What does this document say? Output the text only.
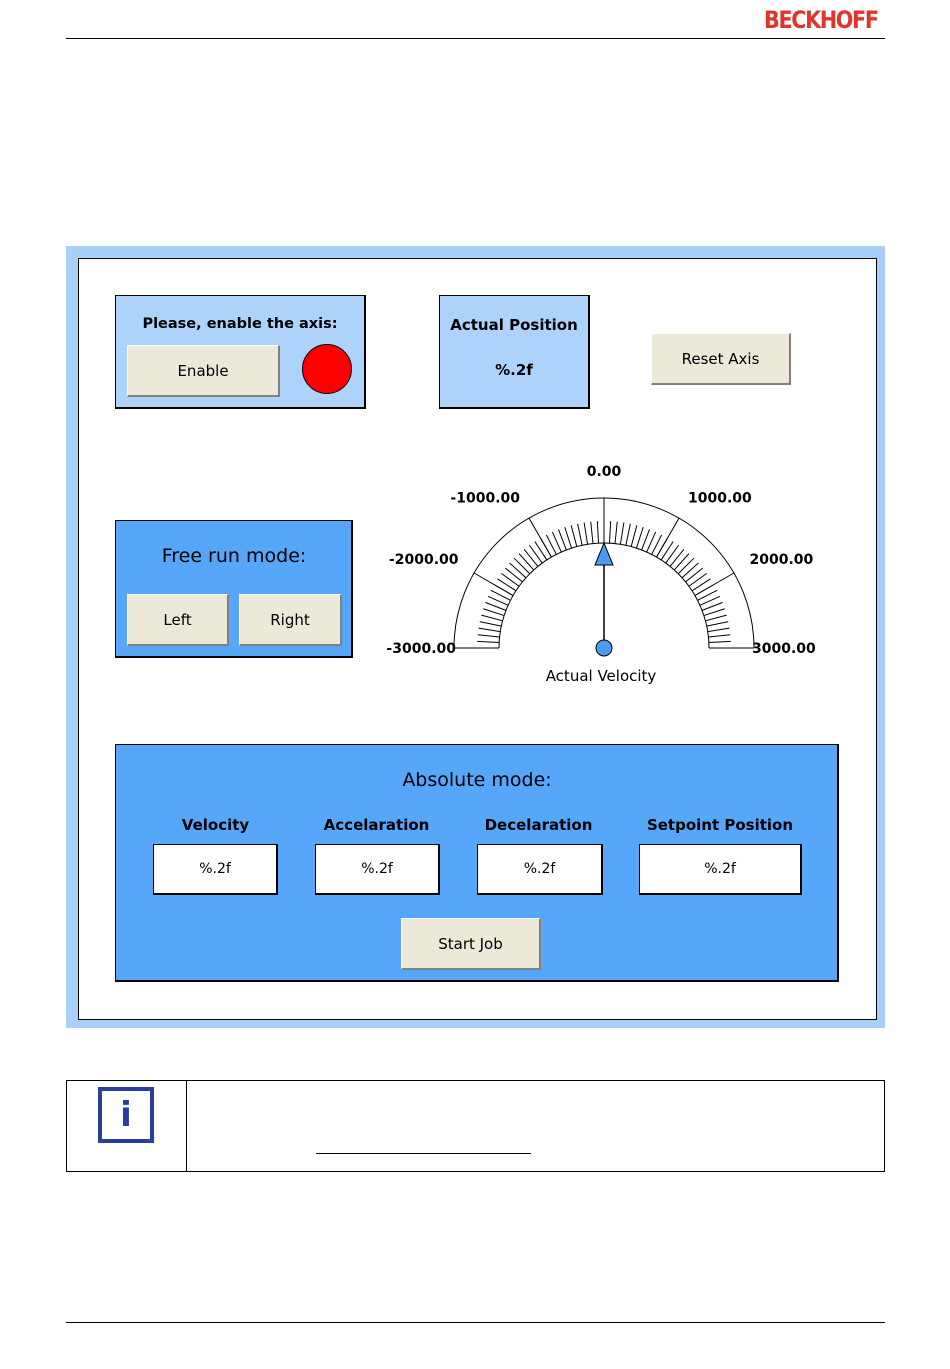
BECKHOFF
Please, enable the axis:
Enable
Actual Position
%.2f
Reset Axis
Free run mode:
Left	Right
-3000.00
-2000.00
-1000.00
0.00
1000.00
2000.00
3000.00
Actual Velocity
Absolute mode:
Velocity
%.2f
Accelaration
%.2f
Decelaration
%.2f
Setpoint Position
%.2f
Start Job
i
